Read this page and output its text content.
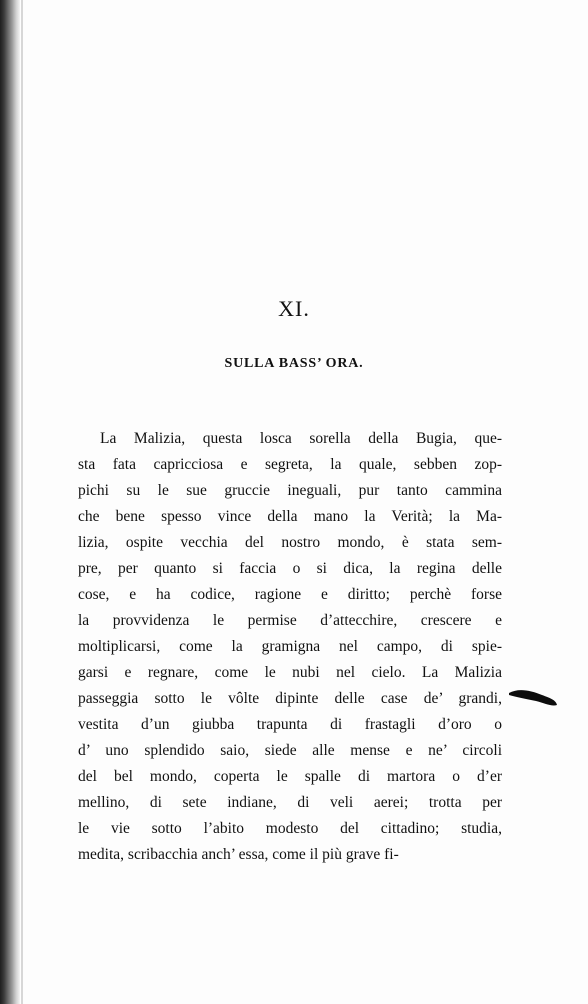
XI.
SULLA BASS’ ORA.
La Malizia, questa losca sorella della Bugia, que-
sta fata capricciosa e segreta, la quale, sebben zop-
pichi su le sue gruccie ineguali, pur tanto cammina
che bene spesso vince della mano la Verità; la Ma-
lizia, ospite vecchia del nostro mondo, è stata sem-
pre, per quanto si faccia o si dica, la regina delle
cose, e ha codice, ragione e diritto; perchè forse
la provvidenza le permise d’attecchire, crescere e
moltiplicarsi, come la gramigna nel campo, di spie-
garsi e regnare, come le nubi nel cielo. La Malizia
passeggia sotto le vôlte dipinte delle case de’ grandi,
vestita d’un giubba trapunta di frastagli d’oro o
d’ uno splendido saio, siede alle mense e ne’ circoli
del bel mondo, coperta le spalle di martora o d’er
mellino, di sete indiane, di veli aerei; trotta per
le vie sotto l’abito modesto del cittadino; studia,
medita, scribacchia anch’ essa, come il più grave fi-
